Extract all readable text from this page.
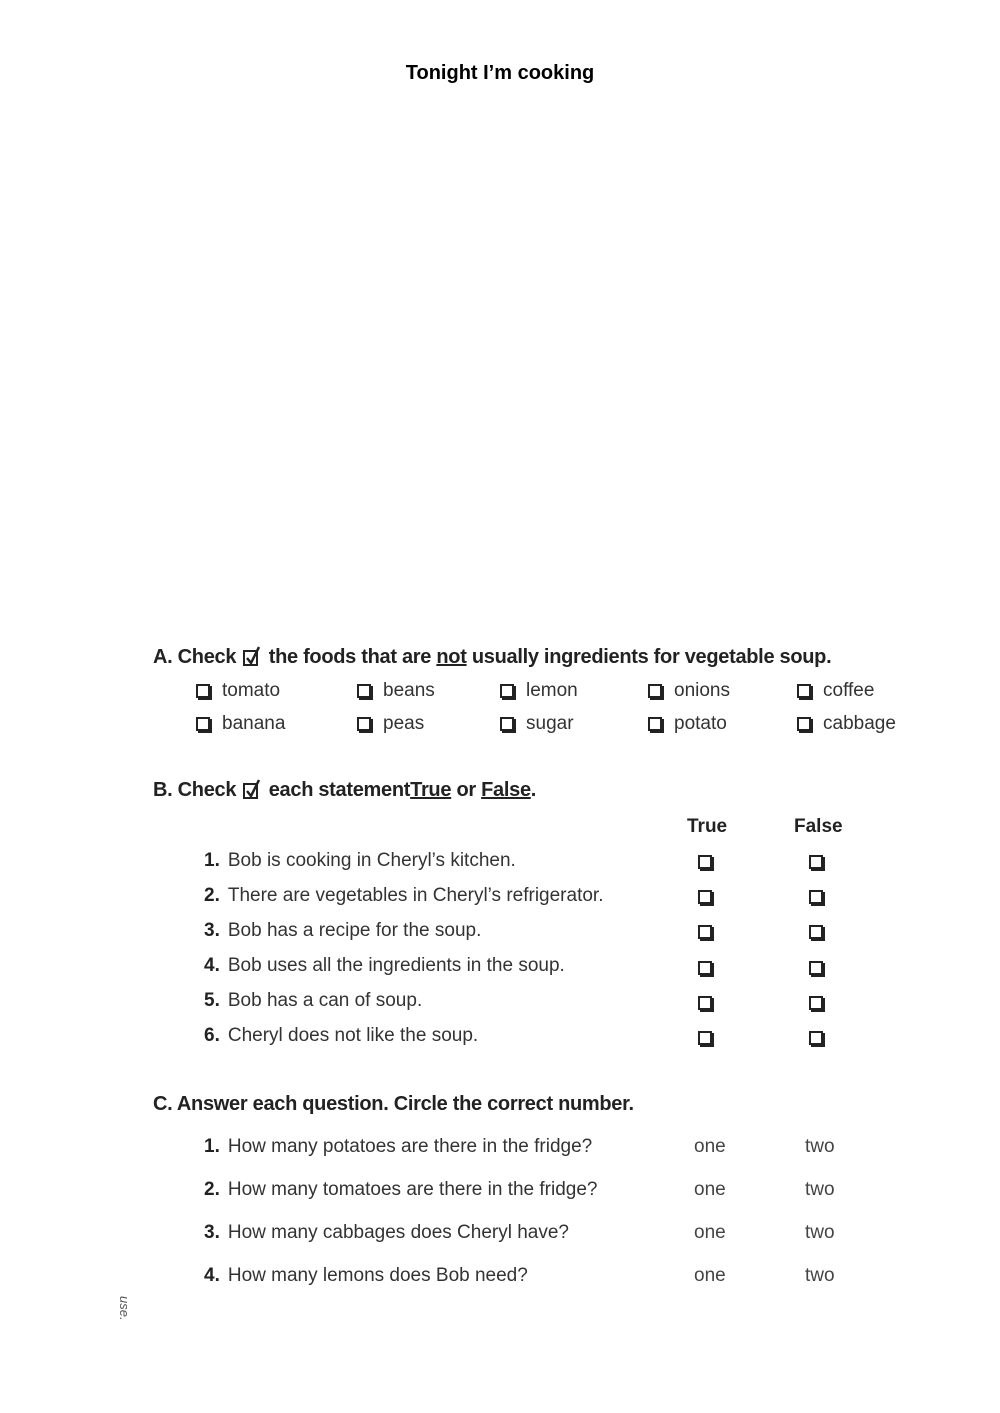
Tonight I’m cooking
A. Check the foods that are not usually ingredients for vegetable soup.
tomato	beans	lemon	onions	coffee
banana	peas	sugar	potato	cabbage
B. Check each statementTrue or False.
True	False
1. Bob is cooking in Cheryl’s kitchen.
2. There are vegetables in Cheryl’s refrigerator.
3. Bob has a recipe for the soup.
4. Bob uses all the ingredients in the soup.
5. Bob has a can of soup.
6. Cheryl does not like the soup.
C. Answer each question. Circle the correct number.
1. How many potatoes are there in the fridge?	one	two
2. How many tomatoes are there in the fridge?	one	two
3. How many cabbages does Cheryl have?	one	two
4. How many lemons does Bob need?	one	two
use.
